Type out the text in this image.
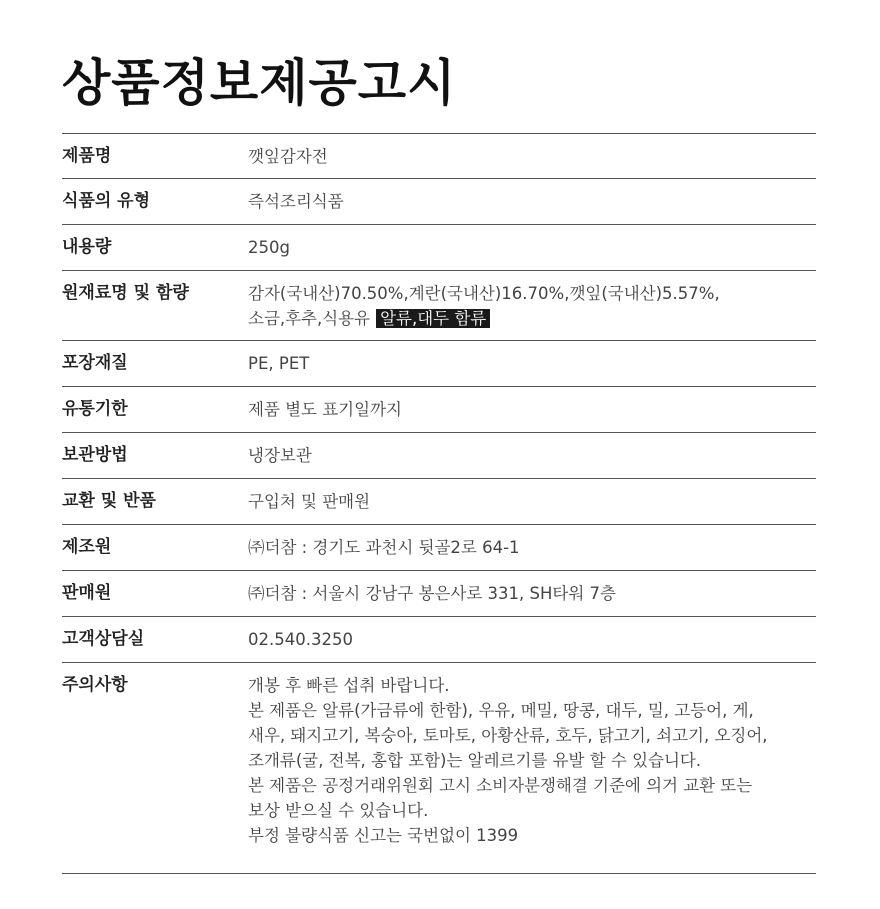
상품정보제공고시
제품명	깻잎감자전
식품의 유형	즉석조리식품
내용량	250g
원재료명 및 함량	감자(국내산)70.50%,계란(국내산)16.70%,깻잎(국내산)5.57%,
소금,후추,식용유 알류,대두 함류
포장재질	PE, PET
유통기한	제품 별도 표기일까지
보관방법	냉장보관
교환 및 반품	구입처 및 판매원
제조원	㈜더참 : 경기도 과천시 뒷골2로 64-1
판매원	㈜더참 : 서울시 강남구 봉은사로 331, SH타워 7층
고객상담실	02.540.3250
주의사항	개봉 후 빠른 섭취 바랍니다.
본 제품은 알류(가금류에 한함), 우유, 메밀, 땅콩, 대두, 밀, 고등어, 게,
새우, 돼지고기, 복숭아, 토마토, 아황산류, 호두, 닭고기, 쇠고기, 오징어,
조개류(굴, 전복, 홍합 포함)는 알레르기를 유발 할 수 있습니다.
본 제품은 공정거래위원회 고시 소비자분쟁해결 기준에 의거 교환 또는
보상 받으실 수 있습니다.
부정 불량식품 신고는 국번없이 1399
